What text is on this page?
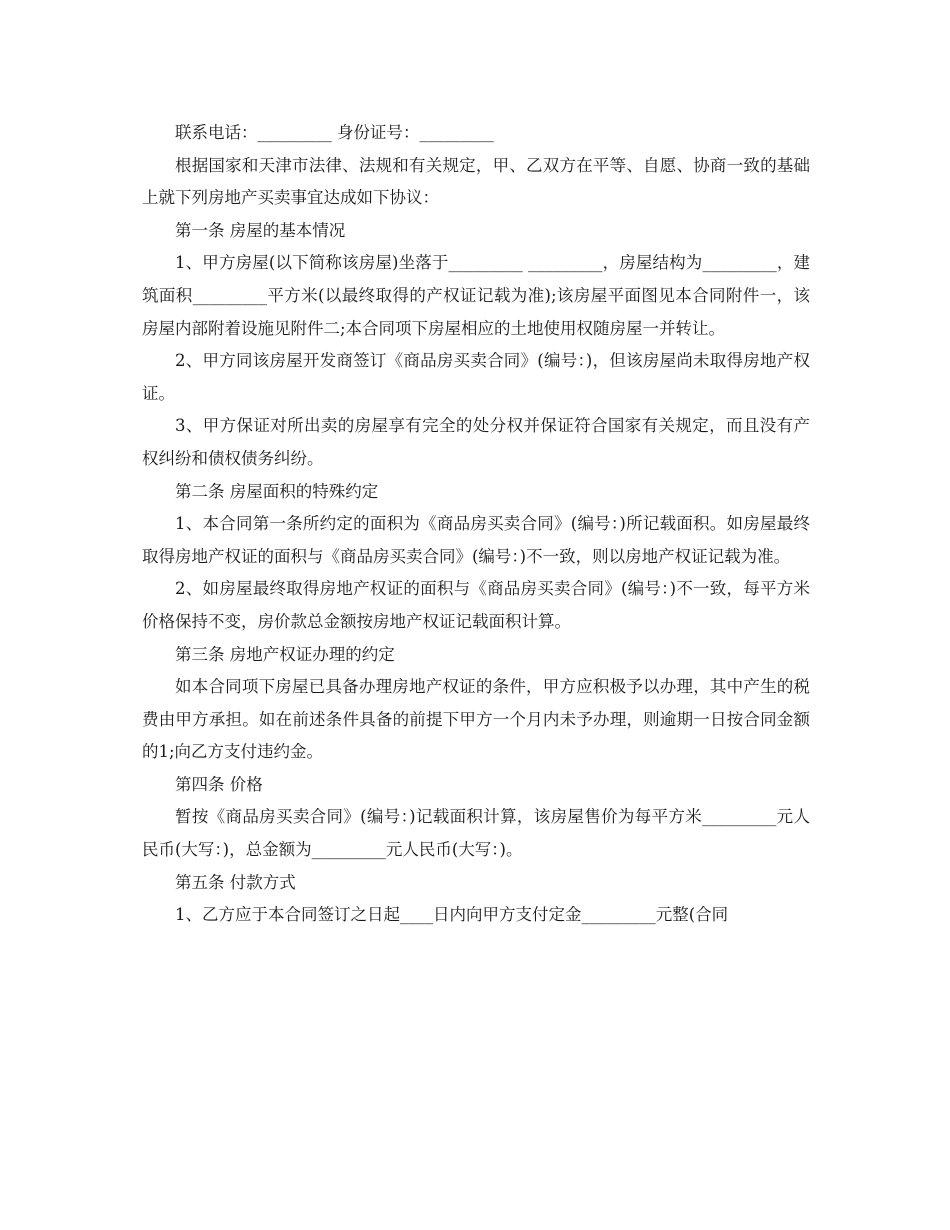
联系电话：_________ 身份证号：_________

根据国家和天津市法律、法规和有关规定，甲、乙双方在平等、自愿、协商一致的基础上就下列房地产买卖事宜达成如下协议：

第一条 房屋的基本情况

1、甲方房屋(以下简称该房屋)坐落于_________ _________，房屋结构为_________，建筑面积_________平方米(以最终取得的产权证记载为准);该房屋平面图见本合同附件一，该房屋内部附着设施见附件二;本合同项下房屋相应的土地使用权随房屋一并转让。

2、甲方同该房屋开发商签订《商品房买卖合同》(编号：)，但该房屋尚未取得房地产权证。

3、甲方保证对所出卖的房屋享有完全的处分权并保证符合国家有关规定，而且没有产权纠纷和债权债务纠纷。

第二条 房屋面积的特殊约定

1、本合同第一条所约定的面积为《商品房买卖合同》(编号：)所记载面积。如房屋最终取得房地产权证的面积与《商品房买卖合同》(编号：)不一致，则以房地产权证记载为准。

2、如房屋最终取得房地产权证的面积与《商品房买卖合同》(编号：)不一致，每平方米价格保持不变，房价款总金额按房地产权证记载面积计算。

第三条 房地产权证办理的约定

如本合同项下房屋已具备办理房地产权证的条件，甲方应积极予以办理，其中产生的税费由甲方承担。如在前述条件具备的前提下甲方一个月内未予办理，则逾期一日按合同金额的1;向乙方支付违约金。

第四条 价格

暂按《商品房买卖合同》(编号：)记载面积计算，该房屋售价为每平方米_________元人民币(大写：)，总金额为_________元人民币(大写：)。

第五条 付款方式

1、乙方应于本合同签订之日起____日内向甲方支付定金_________元整(合同
